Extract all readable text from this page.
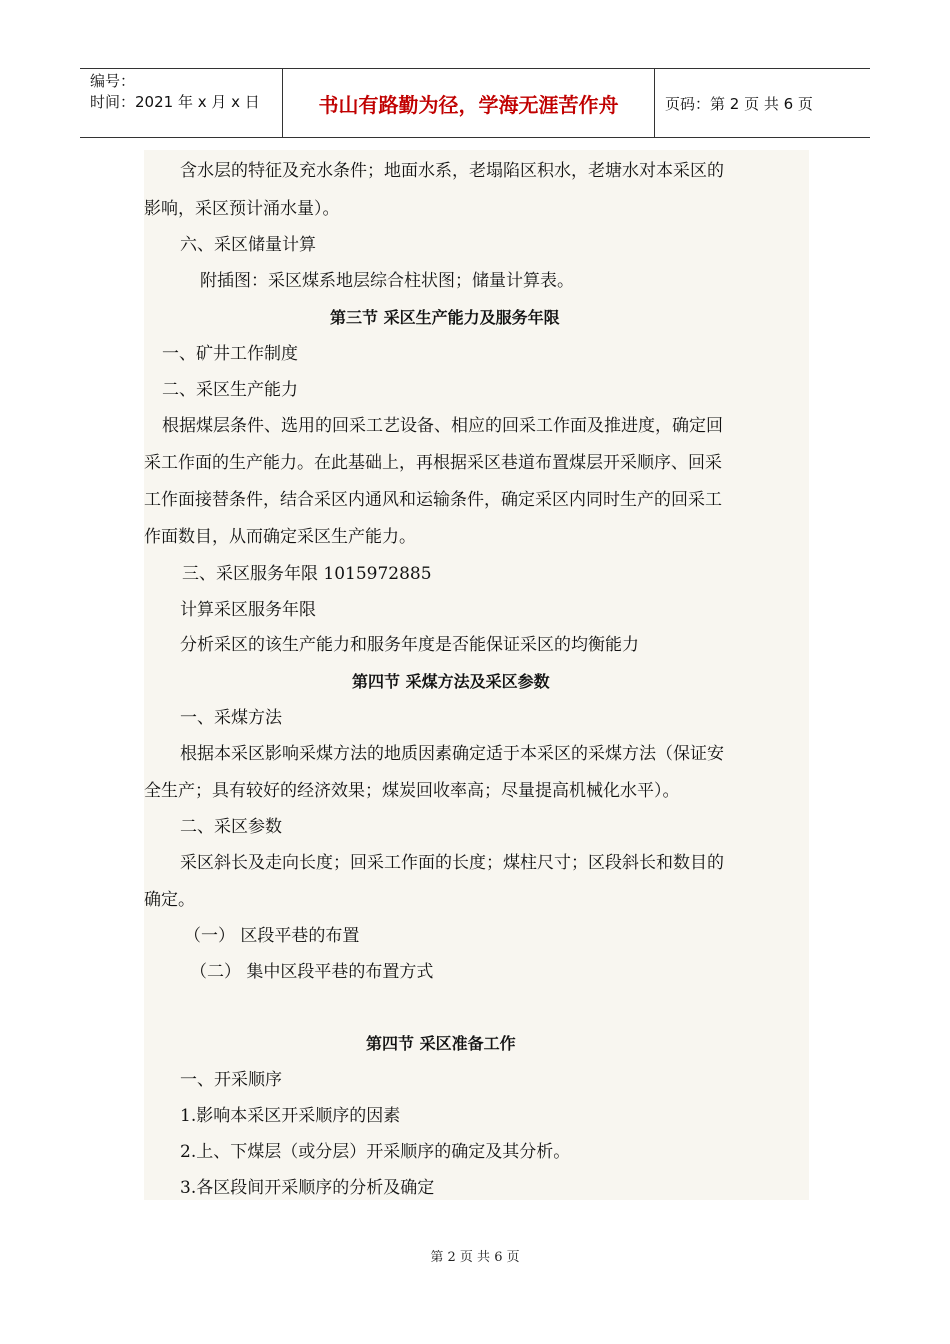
编号：
时间：2021 年 x 月 x 日	书山有路勤为径，学海无涯苦作舟	页码：第 2 页 共 6 页
含水层的特征及充水条件；地面水系，老塌陷区积水，老塘水对本采区的
影响，采区预计涌水量）。
六、采区储量计算
附插图：采区煤系地层综合柱状图；储量计算表。
第三节 采区生产能力及服务年限
一、矿井工作制度
二、采区生产能力
根据煤层条件、选用的回采工艺设备、相应的回采工作面及推进度，确定回
采工作面的生产能力。在此基础上，再根据采区巷道布置煤层开采顺序、回采
工作面接替条件，结合采区内通风和运输条件，确定采区内同时生产的回采工
作面数目，从而确定采区生产能力。
三、采区服务年限 1015972885
计算采区服务年限
分析采区的该生产能力和服务年度是否能保证采区的均衡能力
第四节 采煤方法及采区参数
一、采煤方法
根据本采区影响采煤方法的地质因素确定适于本采区的采煤方法（保证安
全生产；具有较好的经济效果；煤炭回收率高；尽量提高机械化水平）。
二、采区参数
采区斜长及走向长度；回采工作面的长度；煤柱尺寸；区段斜长和数目的
确定。
（一） 区段平巷的布置
（二） 集中区段平巷的布置方式
第四节 采区准备工作
一、开采顺序
1.影响本采区开采顺序的因素
2.上、下煤层（或分层）开采顺序的确定及其分析。
3.各区段间开采顺序的分析及确定
第 2 页 共 6 页
